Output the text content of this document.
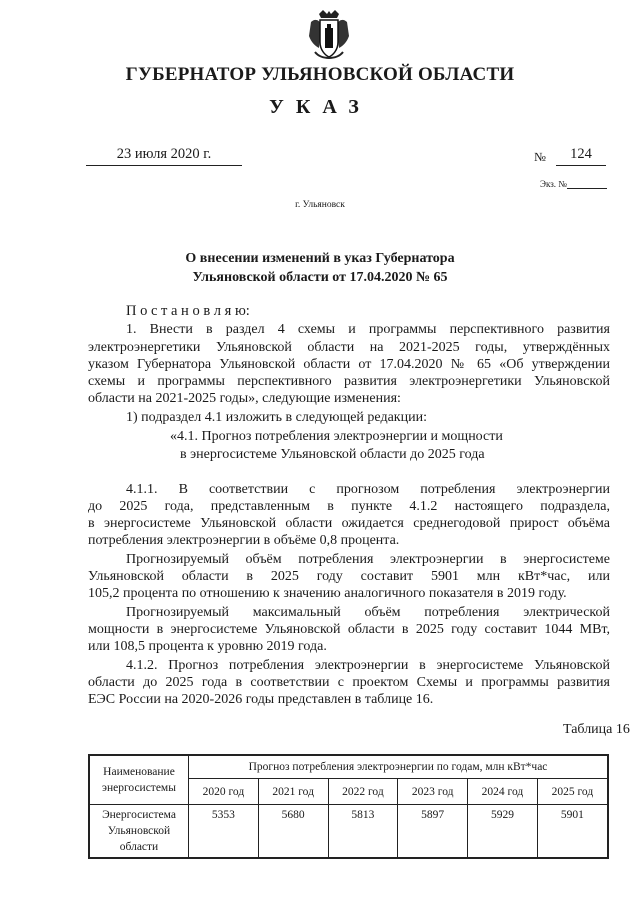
ГУБЕРНАТОР УЛЬЯНОВСКОЙ ОБЛАСТИ
УКАЗ
23 июля 2020 г.	№	124
Экз. №
г. Ульяновск
О внесении изменений в указ Губернатора
Ульяновской области от 17.04.2020 № 65
П о с т а н о в л я ю:
1. Внести в раздел 4 схемы и программы перспективного развития
электроэнергетики Ульяновской области на 2021-2025 годы, утверждённых
указом Губернатора Ульяновской области от 17.04.2020 № 65 «Об утверждении
схемы и программы перспективного развития электроэнергетики Ульяновской
области на 2021-2025 годы», следующие изменения:
1) подраздел 4.1 изложить в следующей редакции:
«4.1. Прогноз потребления электроэнергии и мощности
в энергосистеме Ульяновской области до 2025 года
4.1.1. В соответствии с прогнозом потребления электроэнергии
до 2025 года, представленным в пункте 4.1.2 настоящего подраздела,
в энергосистеме Ульяновской области ожидается среднегодовой прирост объёма
потребления электроэнергии в объёме 0,8 процента.
Прогнозируемый объём потребления электроэнергии в энергосистеме
Ульяновской области в 2025 году составит 5901 млн кВт*час, или
105,2 процента по отношению к значению аналогичного показателя в 2019 году.
Прогнозируемый максимальный объём потребления электрической
мощности в энергосистеме Ульяновской области в 2025 году составит 1044 МВт,
или 108,5 процента к уровню 2019 года.
4.1.2. Прогноз потребления электроэнергии в энергосистеме Ульяновской
области до 2025 года в соответствии с проектом Схемы и программы развития
ЕЭС России на 2020-2026 годы представлен в таблице 16.
Таблица 16
Наименование энергосистемы	Прогноз потребления электроэнергии по годам, млн кВт*час					
	2020 год	2021 год	2022 год	2023 год	2024 год	2025 год
Энергосистема Ульяновской области	5353	5680	5813	5897	5929	5901
